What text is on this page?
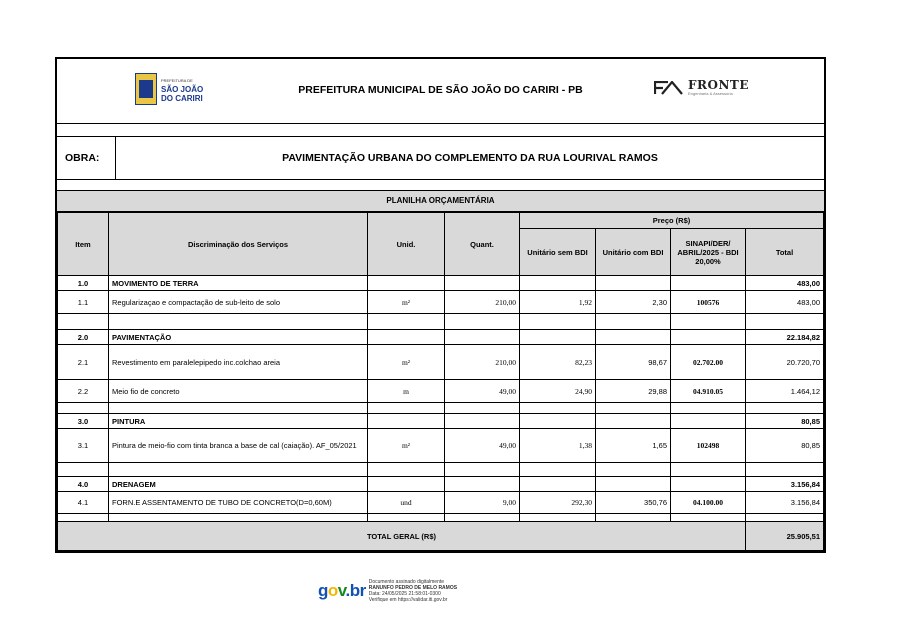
PREFEITURA DE
SÃO JOÃO
DO CARIRI
PREFEITURA MUNICIPAL DE SÃO JOÃO DO CARIRI - PB	FRONTE
Engenharia & Assessoria
OBRA:	PAVIMENTAÇÃO URBANA DO COMPLEMENTO DA RUA LOURIVAL RAMOS
PLANILHA ORÇAMENTÁRIA
Item	Discriminação dos Serviços	Unid.	Quant.	Preço (R$)			
				Unitário sem BDI	Unitário com BDI	SINAPI/DER/ ABRIL/2025 - BDI 20,00%	Total
1.0	MOVIMENTO DE TERRA						483,00
1.1	Regularizaçao e compactação de sub-leito de solo	m²	210,00	1,92	2,30	100576	483,00

2.0	PAVIMENTAÇÃO						22.184,82
2.1	Revestimento em paralelepipedo inc.colchao areia	m²	210,00	82,23	98,67	02.702.00	20.720,70
2.2	Meio fio de concreto	m	49,00	24,90	29,88	04.910.05	1.464,12

3.0	PINTURA						80,85
3.1	Pintura de meio-fio com tinta branca a base de cal (caiação). AF_05/2021	m²	49,00	1,38	1,65	102498	80,85

4.0	DRENAGEM						3.156,84
4.1	FORN.E ASSENTAMENTO DE TUBO DE CONCRETO(D=0,60M)	und	9,00	292,30	350,76	04.100.00	3.156,84

TOTAL GERAL (R$)							25.905,51
gov.br Documento assinado digitalmente
RANUNFO PEDRO DE MELO RAMOS
Data: 24/05/2025 21:58:01-0300
Verifique em https://validar.iti.gov.br
